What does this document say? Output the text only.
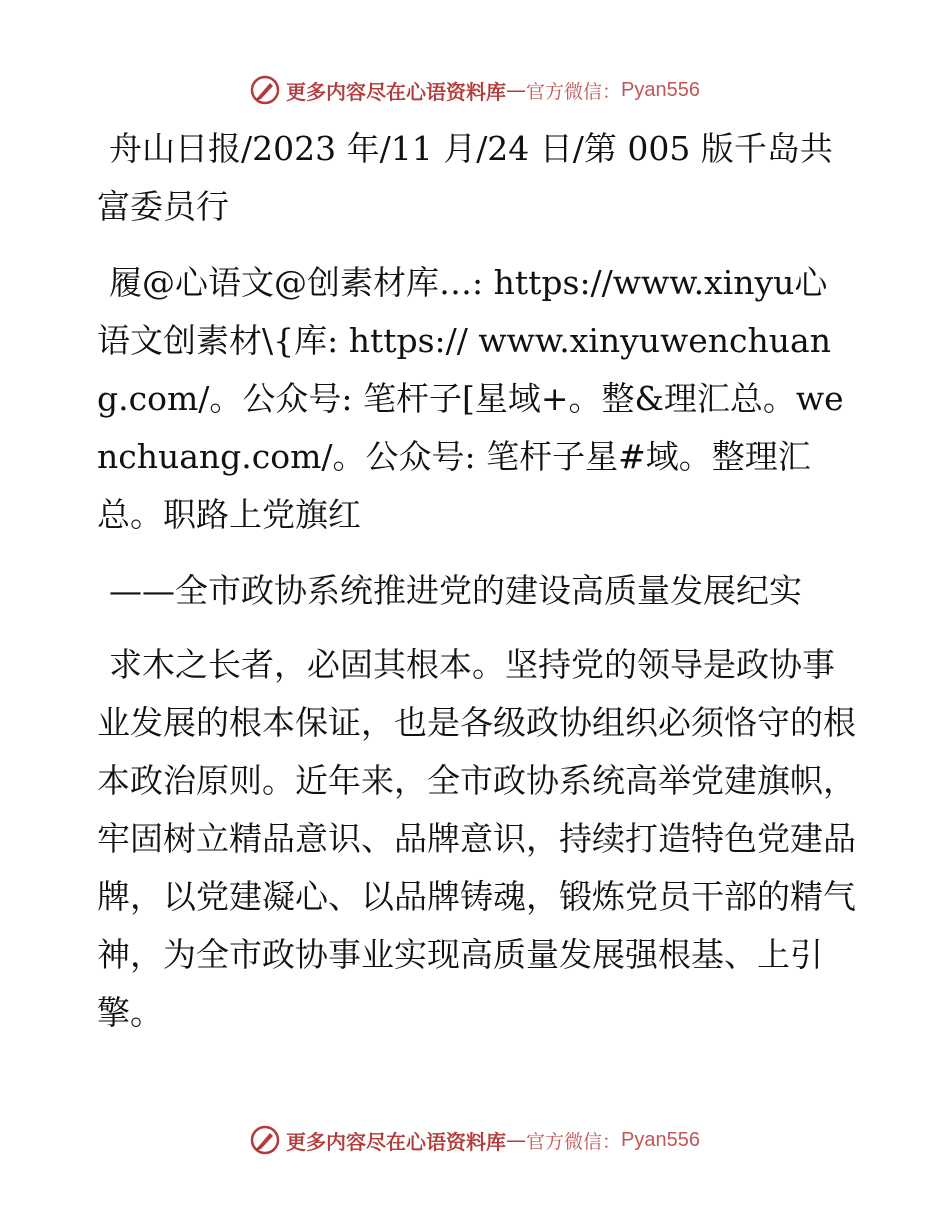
更多内容尽在心语资料库 — 官方微信： Pyan556

舟山日报/2023 年/11 月/24 日/第 005 版千岛共富委员行

履@心语文@创素材库…: https://www.xinyu心语文创素材\{库: https:// www.xinyuwenchuang.com/。公众号: 笔杆子[星域+。整&理汇总。wenchuang.com/。公众号: 笔杆子星#域。整理汇总。职路上党旗红

——全市政协系统推进党的建设高质量发展纪实

求木之长者，必固其根本。坚持党的领导是政协事业发展的根本保证，也是各级政协组织必须恪守的根本政治原则。近年来，全市政协系统高举党建旗帜，牢固树立精品意识、品牌意识，持续打造特色党建品牌，以党建凝心、以品牌铸魂，锻炼党员干部的精气神，为全市政协事业实现高质量发展强根基、上引擎。

更多内容尽在心语资料库 — 官方微信： Pyan556
